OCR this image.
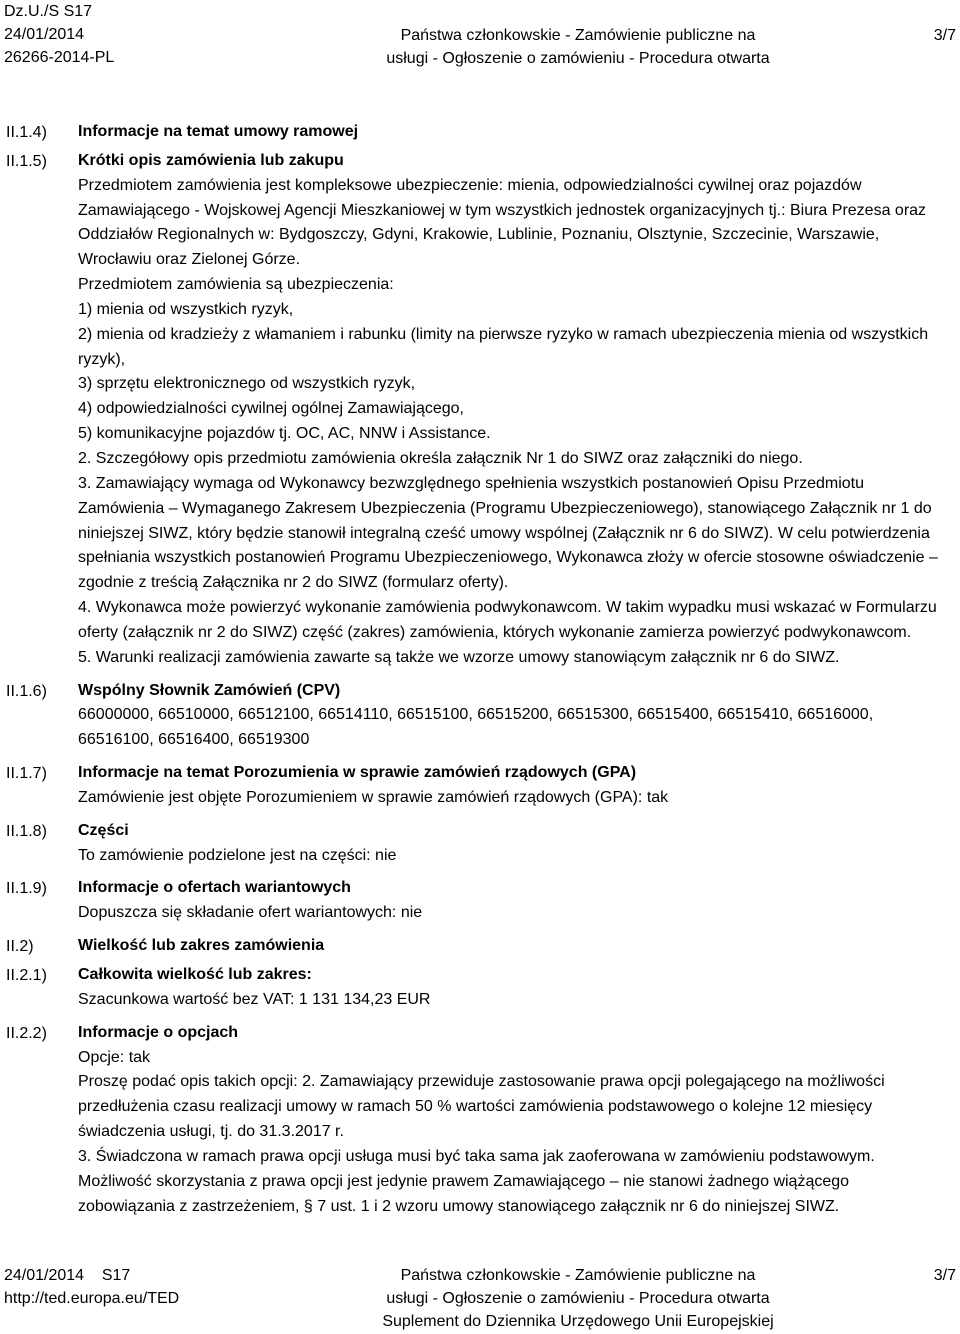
Dz.U./S S17
24/01/2014
26266-2014-PL
Państwa członkowskie - Zamówienie publiczne na
usługi - Ogłoszenie o zamówieniu - Procedura otwarta
3/7
II.1.4) Informacje na temat umowy ramowej

II.1.5) Krótki opis zamówienia lub zakupu

Przedmiotem zamówienia jest kompleksowe ubezpieczenie: mienia, odpowiedzialności cywilnej oraz pojazdów Zamawiającego - Wojskowej Agencji Mieszkaniowej w tym wszystkich jednostek organizacyjnych tj.: Biura Prezesa oraz Oddziałów Regionalnych w: Bydgoszczy, Gdyni, Krakowie, Lublinie, Poznaniu, Olsztynie, Szczecinie, Warszawie, Wrocławiu oraz Zielonej Górze.

Przedmiotem zamówienia są ubezpieczenia:

1) mienia od wszystkich ryzyk,

2) mienia od kradzieży z włamaniem i rabunku (limity na pierwsze ryzyko w ramach ubezpieczenia mienia od wszystkich ryzyk),

3) sprzętu elektronicznego od wszystkich ryzyk,

4) odpowiedzialności cywilnej ogólnej Zamawiającego,

5) komunikacyjne pojazdów tj. OC, AC, NNW i Assistance.

2. Szczegółowy opis przedmiotu zamówienia określa załącznik Nr 1 do SIWZ oraz załączniki do niego.

3. Zamawiający wymaga od Wykonawcy bezwzględnego spełnienia wszystkich postanowień Opisu Przedmiotu Zamówienia – Wymaganego Zakresem Ubezpieczenia (Programu Ubezpieczeniowego), stanowiącego Załącznik nr 1 do niniejszej SIWZ, który będzie stanowił integralną cześć umowy wspólnej (Załącznik nr 6 do SIWZ). W celu potwierdzenia spełniania wszystkich postanowień Programu Ubezpieczeniowego, Wykonawca złoży w ofercie stosowne oświadczenie – zgodnie z treścią Załącznika nr 2 do SIWZ (formularz oferty).

4. Wykonawca może powierzyć wykonanie zamówienia podwykonawcom. W takim wypadku musi wskazać w Formularzu oferty (załącznik nr 2 do SIWZ) część (zakres) zamówienia, których wykonanie zamierza powierzyć podwykonawcom.

5. Warunki realizacji zamówienia zawarte są także we wzorze umowy stanowiącym załącznik nr 6 do SIWZ.

II.1.6) Wspólny Słownik Zamówień (CPV)

66000000, 66510000, 66512100, 66514110, 66515100, 66515200, 66515300, 66515400, 66515410, 66516000, 66516100, 66516400, 66519300

II.1.7) Informacje na temat Porozumienia w sprawie zamówień rządowych (GPA)

Zamówienie jest objęte Porozumieniem w sprawie zamówień rządowych (GPA): tak

II.1.8) Części

To zamówienie podzielone jest na części: nie

II.1.9) Informacje o ofertach wariantowych

Dopuszcza się składanie ofert wariantowych: nie

II.2)	Wielkość lub zakres zamówienia

II.2.1) Całkowita wielkość lub zakres:

Szacunkowa wartość bez VAT: 1 131 134,23 EUR

II.2.2) Informacje o opcjach

Opcje: tak

Proszę podać opis takich opcji: 2. Zamawiający przewiduje zastosowanie prawa opcji polegającego na możliwości przedłużenia czasu realizacji umowy w ramach 50 % wartości zamówienia podstawowego o kolejne 12 miesięcy świadczenia usługi, tj. do 31.3.2017 r.

3. Świadczona w ramach prawa opcji usługa musi być taka sama jak zaoferowana w zamówieniu podstawowym. Możliwość skorzystania z prawa opcji jest jedynie prawem Zamawiającego – nie stanowi żadnego wiążącego zobowiązania z zastrzeżeniem, § 7 ust. 1 i 2 wzoru umowy stanowiącego załącznik nr 6 do niniejszej SIWZ.

24/01/2014 S17
http://ted.europa.eu/TED
Państwa członkowskie - Zamówienie publiczne na
usługi - Ogłoszenie o zamówieniu - Procedura otwarta
Suplement do Dziennika Urzędowego Unii Europejskiej
3/7
